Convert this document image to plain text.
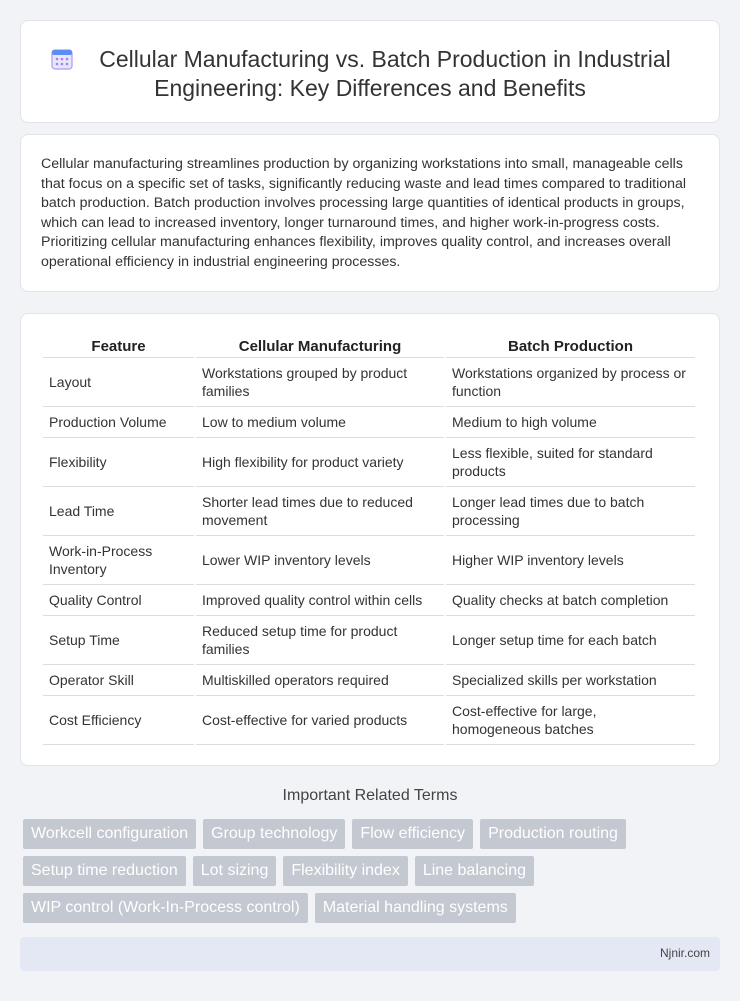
Cellular Manufacturing vs. Batch Production in Industrial
Engineering: Key Differences and Benefits

Cellular manufacturing streamlines production by organizing workstations into small, manageable cells that focus on a specific set of tasks, significantly reducing waste and lead times compared to traditional batch production. Batch production involves processing large quantities of identical products in groups, which can lead to increased inventory, longer turnaround times, and higher work-in-progress costs. Prioritizing cellular manufacturing enhances flexibility, improves quality control, and increases overall operational efficiency in industrial engineering processes.

Feature	Cellular Manufacturing	Batch Production
Layout	Workstations grouped by product families	Workstations organized by process or function
Production Volume	Low to medium volume	Medium to high volume
Flexibility	High flexibility for product variety	Less flexible, suited for standard products
Lead Time	Shorter lead times due to reduced movement	Longer lead times due to batch processing
Work-in-Process Inventory	Lower WIP inventory levels	Higher WIP inventory levels
Quality Control	Improved quality control within cells	Quality checks at batch completion
Setup Time	Reduced setup time for product families	Longer setup time for each batch
Operator Skill	Multiskilled operators required	Specialized skills per workstation
Cost Efficiency	Cost-effective for varied products	Cost-effective for large, homogeneous batches
Important Related Terms
Workcell configuration	Group technology	Flow efficiency	Production routing
Setup time reduction	Lot sizing	Flexibility index	Line balancing
WIP control (Work-In-Process control)	Material handling systems
Njnir.com
